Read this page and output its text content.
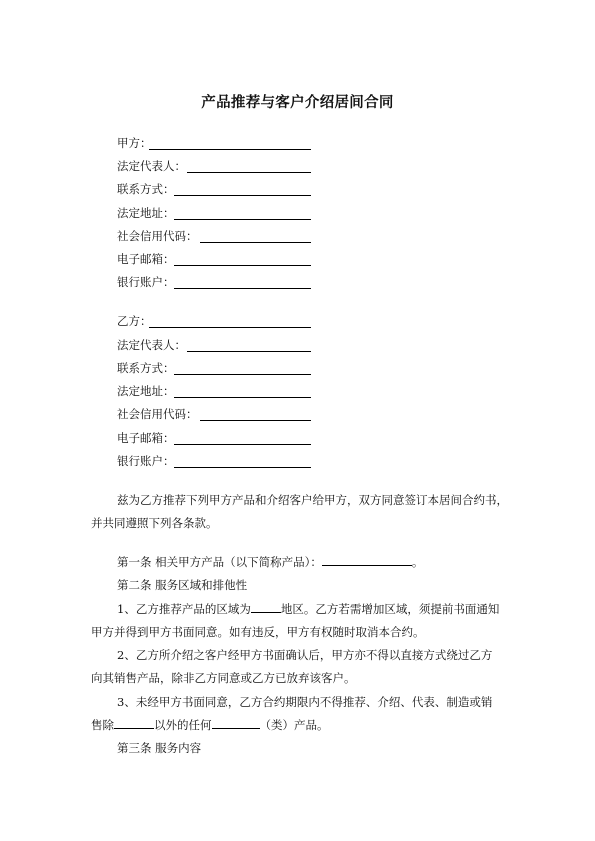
产品推荐与客户介绍居间合同
甲方：
法定代表人：
联系方式：
法定地址：
社会信用代码：
电子邮箱：
银行账户：
乙方：
法定代表人：
联系方式：
法定地址：
社会信用代码：
电子邮箱：
银行账户：
兹为乙方推荐下列甲方产品和介绍客户给甲方，双方同意签订本居间合约书，
并共同遵照下列各条款。
第一条 相关甲方产品（以下简称产品）：	。
第二条 服务区域和排他性
1、乙方推荐产品的区域为	地区。乙方若需增加区域，须提前书面通知
甲方并得到甲方书面同意。如有违反，甲方有权随时取消本合约。
2、乙方所介绍之客户经甲方书面确认后，甲方亦不得以直接方式绕过乙方
向其销售产品，除非乙方同意或乙方已放弃该客户。
3、未经甲方书面同意，乙方合约期限内不得推荐、介绍、代表、制造或销
售除	以外的任何	（类）产品。
第三条 服务内容
